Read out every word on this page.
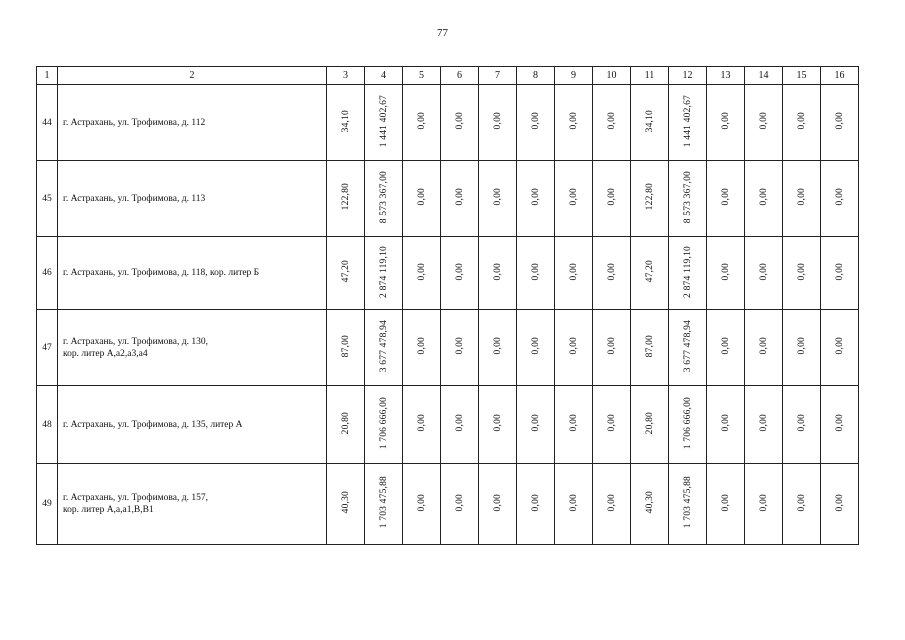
77
1	2	3	4	5	6	7	8	9	10	11	12	13	14	15	16
44	г. Астрахань, ул. Трофимова, д. 112	34,10	1 441 402,67	0,00	0,00	0,00	0,00	0,00	0,00	34,10	1 441 402,67	0,00	0,00	0,00	0,00
45	г. Астрахань, ул. Трофимова, д. 113	122,80	8 573 367,00	0,00	0,00	0,00	0,00	0,00	0,00	122,80	8 573 367,00	0,00	0,00	0,00	0,00
46	г. Астрахань, ул. Трофимова, д. 118, кор. литер Б	47,20	2 874 119,10	0,00	0,00	0,00	0,00	0,00	0,00	47,20	2 874 119,10	0,00	0,00	0,00	0,00
47	г. Астрахань, ул. Трофимова, д. 130,
кор. литер А,а2,а3,а4	87,00	3 677 478,94	0,00	0,00	0,00	0,00	0,00	0,00	87,00	3 677 478,94	0,00	0,00	0,00	0,00
48	г. Астрахань, ул. Трофимова, д. 135, литер А	20,80	1 706 666,00	0,00	0,00	0,00	0,00	0,00	0,00	20,80	1 706 666,00	0,00	0,00	0,00	0,00
49	г. Астрахань, ул. Трофимова, д. 157,
кор. литер А,а,а1,В,В1	40,30	1 703 475,88	0,00	0,00	0,00	0,00	0,00	0,00	40,30	1 703 475,88	0,00	0,00	0,00	0,00
